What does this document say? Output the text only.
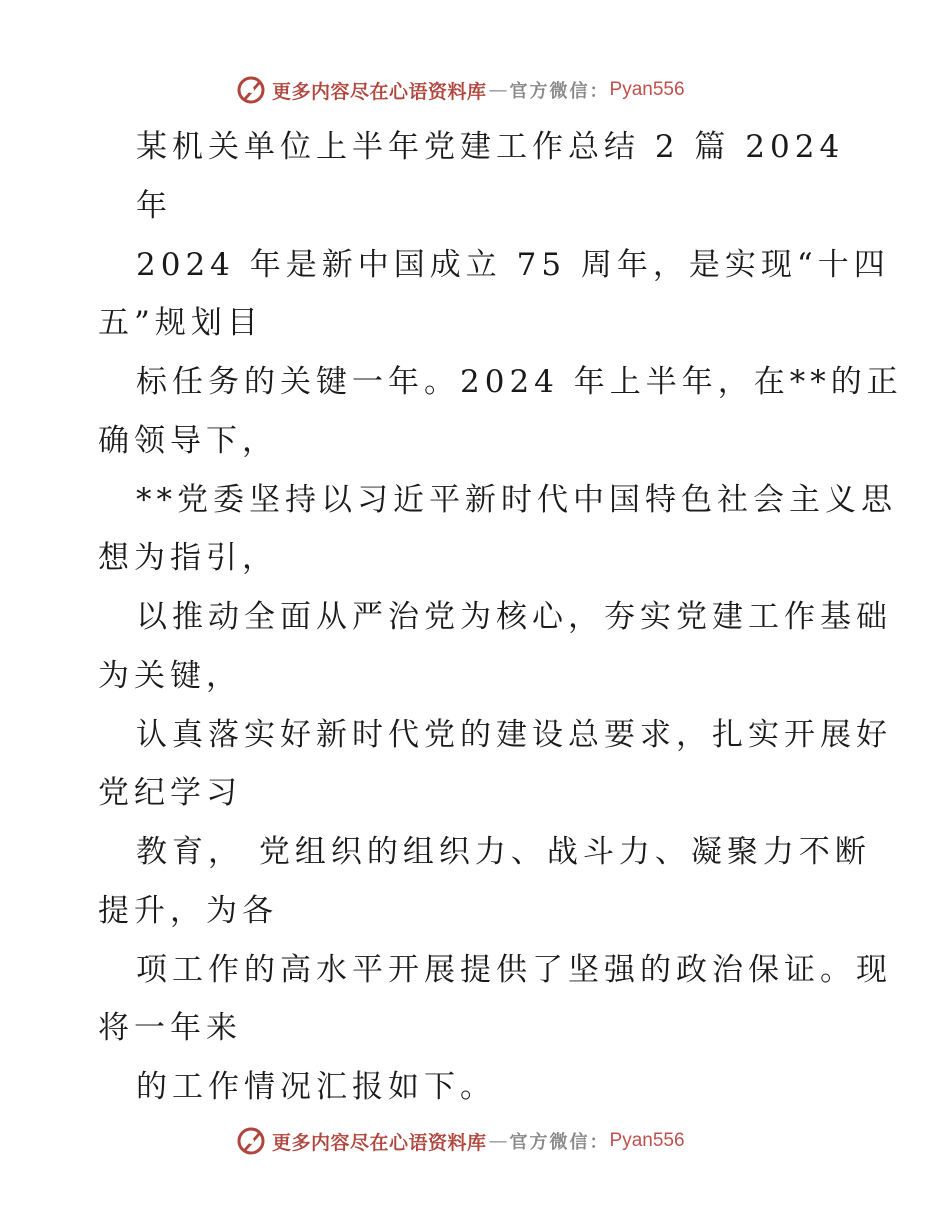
更多内容尽在心语资料库 — 官方微信： Pyan556
某机关单位上半年党建工作总结 2 篇 2024
年
2024 年是新中国成立 75 周年，是实现“十四
五”规划目
标任务的关键一年。2024 年上半年，在**的正
确领导下，
**党委坚持以习近平新时代中国特色社会主义思
想为指引，
以推动全面从严治党为核心，夯实党建工作基础
为关键，
认真落实好新时代党的建设总要求，扎实开展好
党纪学习
教育， 党组织的组织力、战斗力、凝聚力不断
提升，为各
项工作的高水平开展提供了坚强的政治保证。现
将一年来
的工作情况汇报如下。
更多内容尽在心语资料库 — 官方微信： Pyan556
